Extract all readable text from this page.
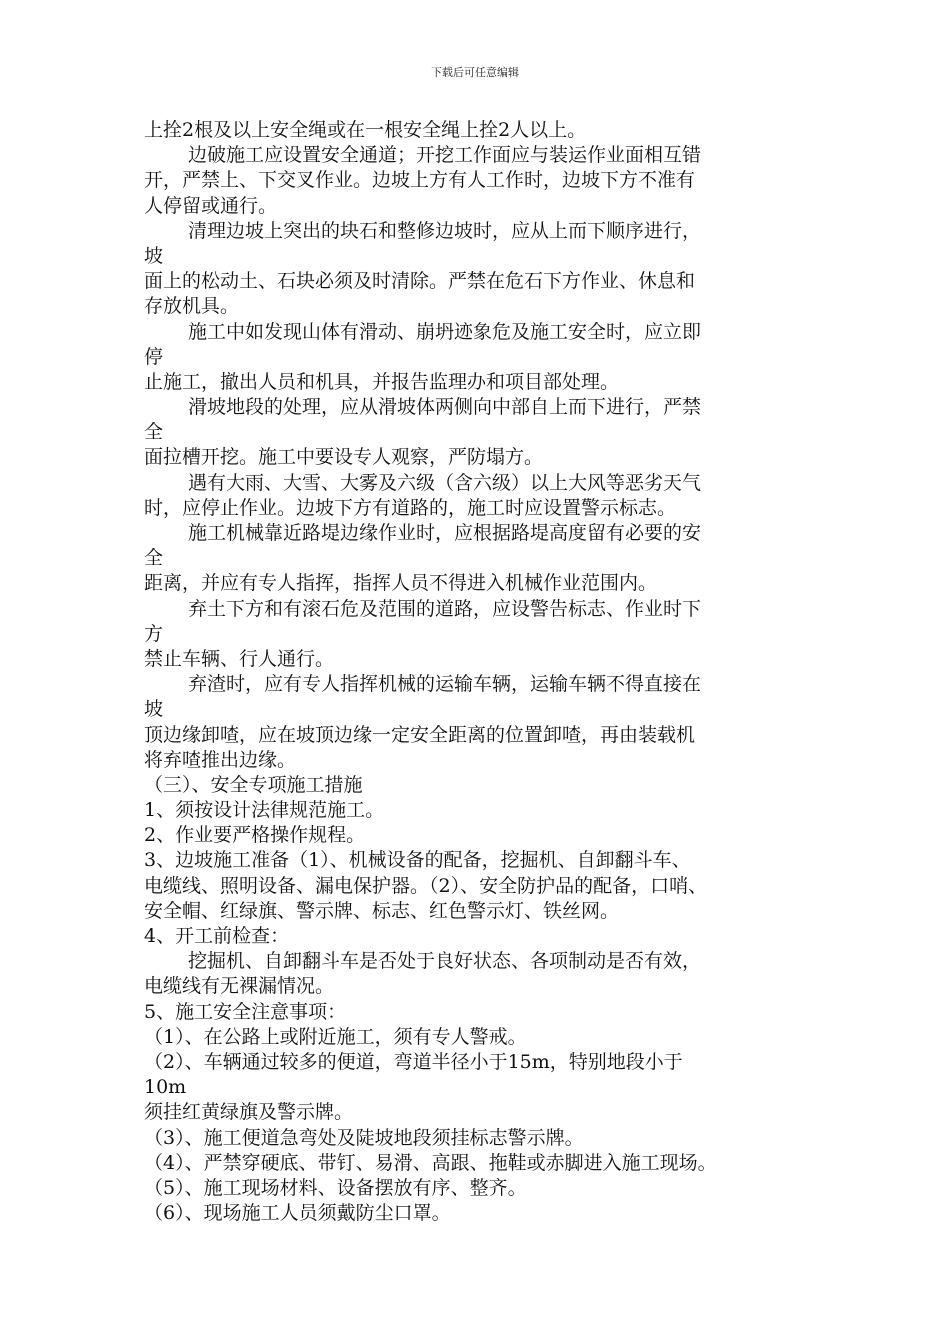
下载后可任意编辑
上拴2根及以上安全绳或在一根安全绳上拴2人以上。
边破施工应设置安全通道；开挖工作面应与装运作业面相互错
开，严禁上、下交叉作业。边坡上方有人工作时，边坡下方不准有
人停留或通行。
清理边坡上突出的块石和整修边坡时，应从上而下顺序进行，
坡
面上的松动土、石块必须及时清除。严禁在危石下方作业、休息和
存放机具。
施工中如发现山体有滑动、崩坍迹象危及施工安全时，应立即
停
止施工，撤出人员和机具，并报告监理办和项目部处理。
滑坡地段的处理，应从滑坡体两侧向中部自上而下进行，严禁
全
面拉槽开挖。施工中要设专人观察，严防塌方。
遇有大雨、大雪、大雾及六级（含六级）以上大风等恶劣天气
时，应停止作业。边坡下方有道路的，施工时应设置警示标志。
施工机械靠近路堤边缘作业时，应根据路堤高度留有必要的安
全
距离，并应有专人指挥，指挥人员不得进入机械作业范围内。
弃土下方和有滚石危及范围的道路，应设警告标志、作业时下
方
禁止车辆、行人通行。
弃渣时，应有专人指挥机械的运输车辆，运输车辆不得直接在
坡
顶边缘卸喳，应在坡顶边缘一定安全距离的位置卸喳，再由装载机
将弃喳推出边缘。
（三）、安全专项施工措施
1、须按设计法律规范施工。
2、作业要严格操作规程。
3、边坡施工准备（1）、机械设备的配备，挖掘机、自卸翻斗车、
电缆线、照明设备、漏电保护器。（2）、安全防护品的配备，口哨、
安全帽、红绿旗、警示牌、标志、红色警示灯、铁丝网。
4、开工前检查：
挖掘机、自卸翻斗车是否处于良好状态、各项制动是否有效，
电缆线有无裸漏情况。
5、施工安全注意事项：
（1）、在公路上或附近施工，须有专人警戒。
（2）、车辆通过较多的便道，弯道半径小于15m，特别地段小于
10m
须挂红黄绿旗及警示牌。
（3）、施工便道急弯处及陡坡地段须挂标志警示牌。
（4）、严禁穿硬底、带钉、易滑、高跟、拖鞋或赤脚进入施工现场。
（5）、施工现场材料、设备摆放有序、整齐。
（6）、现场施工人员须戴防尘口罩。
